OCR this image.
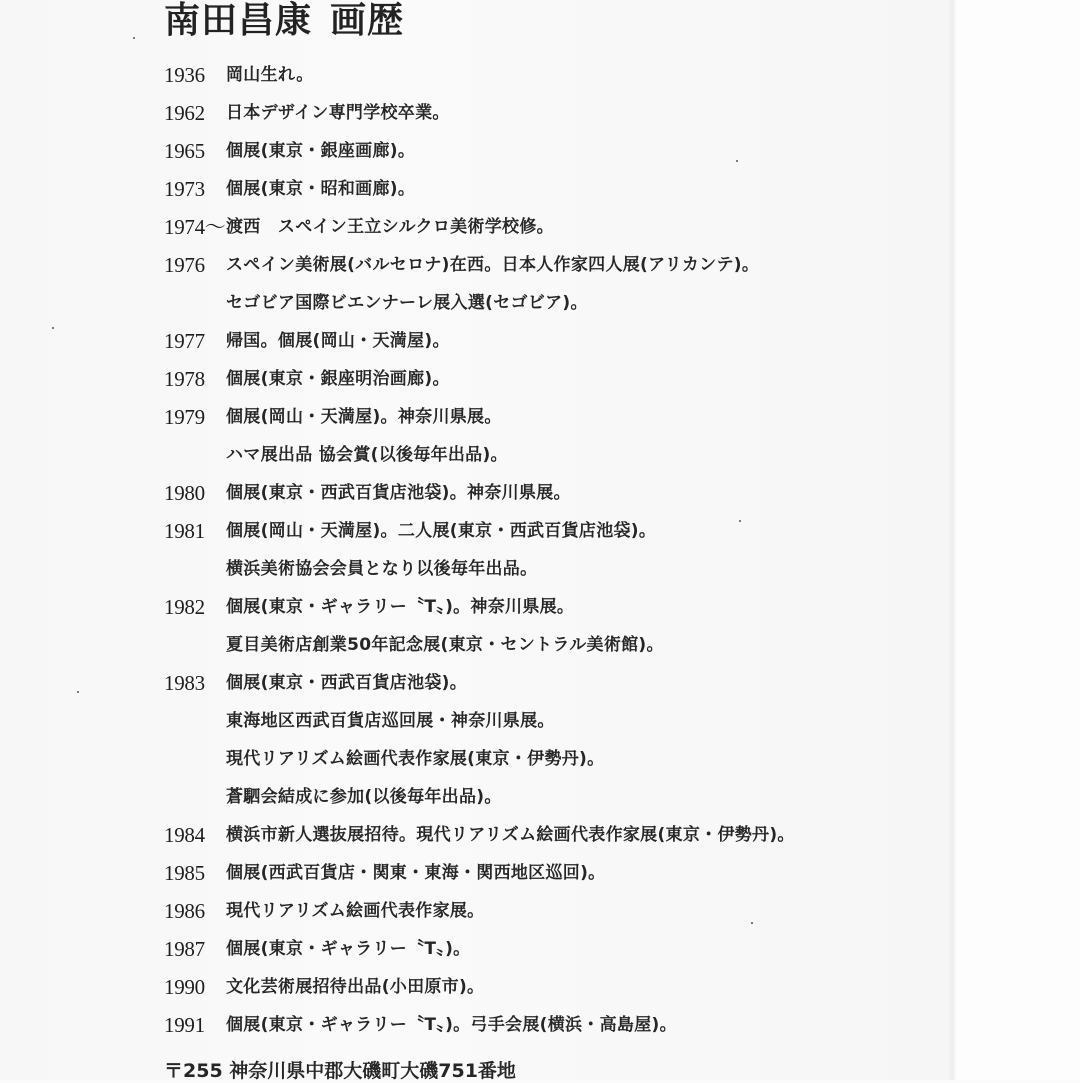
南田昌康 画歴
1936	岡山生れ。
1962	日本デザイン専門学校卒業。
1965	個展(東京・銀座画廊)。
1973	個展(東京・昭和画廊)。
1974～ 渡西　スペイン王立シルクロ美術学校修。
1976	スペイン美術展(バルセロナ)在西。日本人作家四人展(アリカンテ)。
セゴビア国際ビエンナーレ展入選(セゴビア)。
1977	帰国。個展(岡山・天満屋)。
1978	個展(東京・銀座明治画廊)。
1979	個展(岡山・天満屋)。神奈川県展。
ハマ展出品 協会賞(以後毎年出品)。
1980	個展(東京・西武百貨店池袋)。神奈川県展。
1981	個展(岡山・天満屋)。二人展(東京・西武百貨店池袋)。
横浜美術協会会員となり以後毎年出品。
1982	個展(東京・ギャラリー〝T〟)。神奈川県展。
夏目美術店創業50年記念展(東京・セントラル美術館)。
1983	個展(東京・西武百貨店池袋)。
東海地区西武百貨店巡回展・神奈川県展。
現代リアリズム絵画代表作家展(東京・伊勢丹)。
蒼駟会結成に参加(以後毎年出品)。
1984	横浜市新人選抜展招待。現代リアリズム絵画代表作家展(東京・伊勢丹)。
1985	個展(西武百貨店・関東・東海・関西地区巡回)。
1986	現代リアリズム絵画代表作家展。
1987	個展(東京・ギャラリー〝T〟)。
1990	文化芸術展招待出品(小田原市)。
1991	個展(東京・ギャラリー〝T〟)。弓手会展(横浜・高島屋)。
〒255 神奈川県中郡大磯町大磯751番地
